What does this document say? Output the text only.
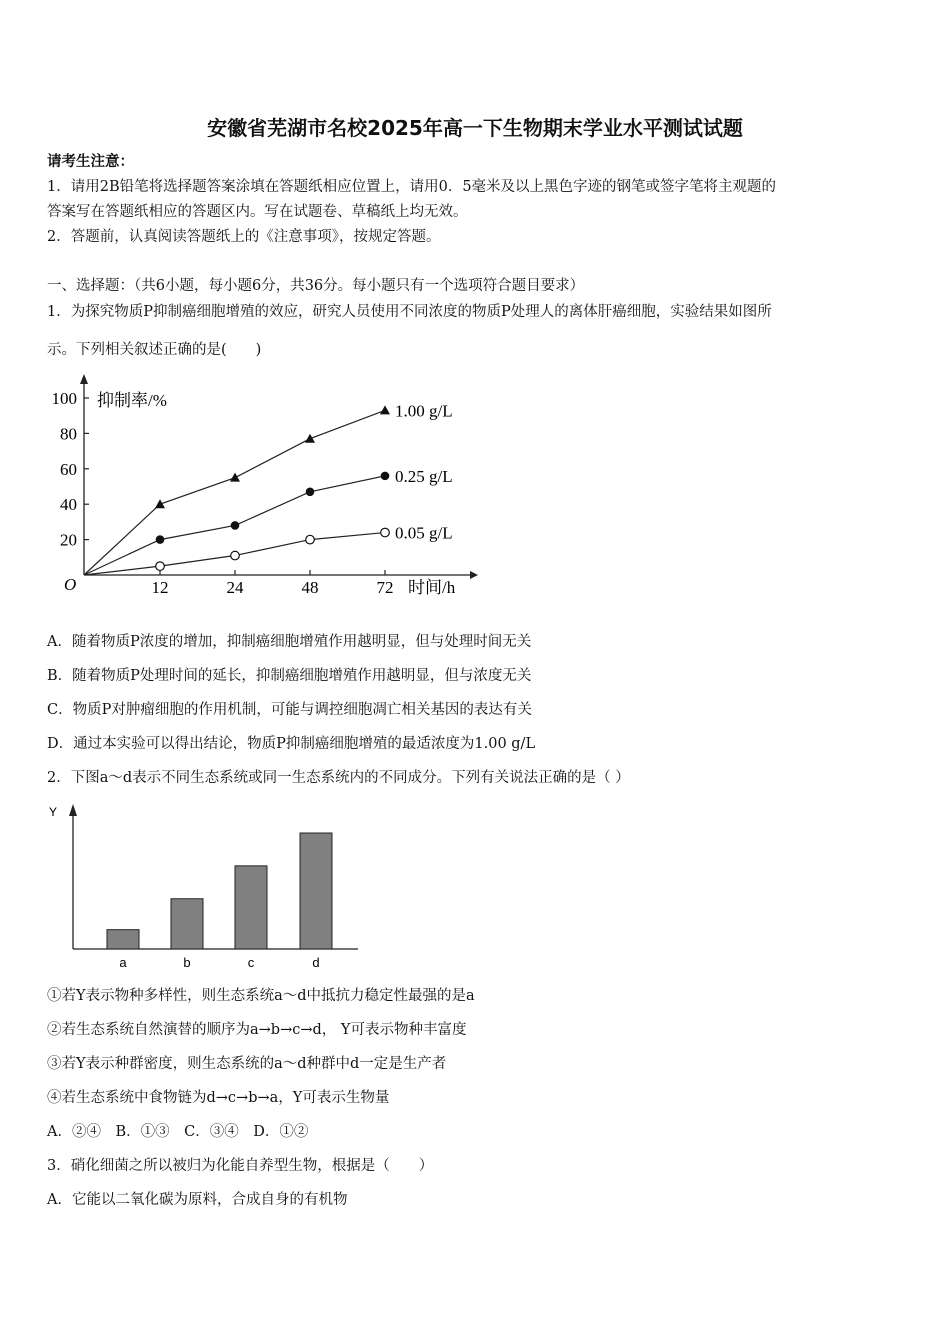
安徽省芜湖市名校2025年高一下生物期末学业水平测试试题
请考生注意：
1．请用2B铅笔将选择题答案涂填在答题纸相应位置上，请用0．5毫米及以上黑色字迹的钢笔或签字笔将主观题的
答案写在答题纸相应的答题区内。写在试题卷、草稿纸上均无效。
2．答题前，认真阅读答题纸上的《注意事项》，按规定答题。
一、选择题：（共6小题，每小题6分，共36分。每小题只有一个选项符合题目要求）
1．为探究物质P抑制癌细胞增殖的效应，研究人员使用不同浓度的物质P处理人的离体肝癌细胞，实验结果如图所
示。下列相关叙述正确的是(　　)
抑制率/%
时间/h
O
20
40
60
80
100
12	24	48	72
1.00 g/L
0.25 g/L
0.05 g/L
A．随着物质P浓度的增加，抑制癌细胞增殖作用越明显，但与处理时间无关
B．随着物质P处理时间的延长，抑制癌细胞增殖作用越明显，但与浓度无关
C．物质P对肿瘤细胞的作用机制，可能与调控细胞凋亡相关基因的表达有关
D．通过本实验可以得出结论，物质P抑制癌细胞增殖的最适浓度为1.00 g/L
2．下图a～d表示不同生态系统或同一生态系统内的不同成分。下列有关说法正确的是（ ）
Y
a	b	c	d
①若Y表示物种多样性，则生态系统a～d中抵抗力稳定性最强的是a
②若生态系统自然演替的顺序为a→b→c→d， Y可表示物种丰富度
③若Y表示种群密度，则生态系统的a～d种群中d一定是生产者
④若生态系统中食物链为d→c→b→a，Y可表示生物量
A．②④　B．①③　C．③④　D．①②
3．硝化细菌之所以被归为化能自养型生物，根据是（　　）
A．它能以二氧化碳为原料，合成自身的有机物
